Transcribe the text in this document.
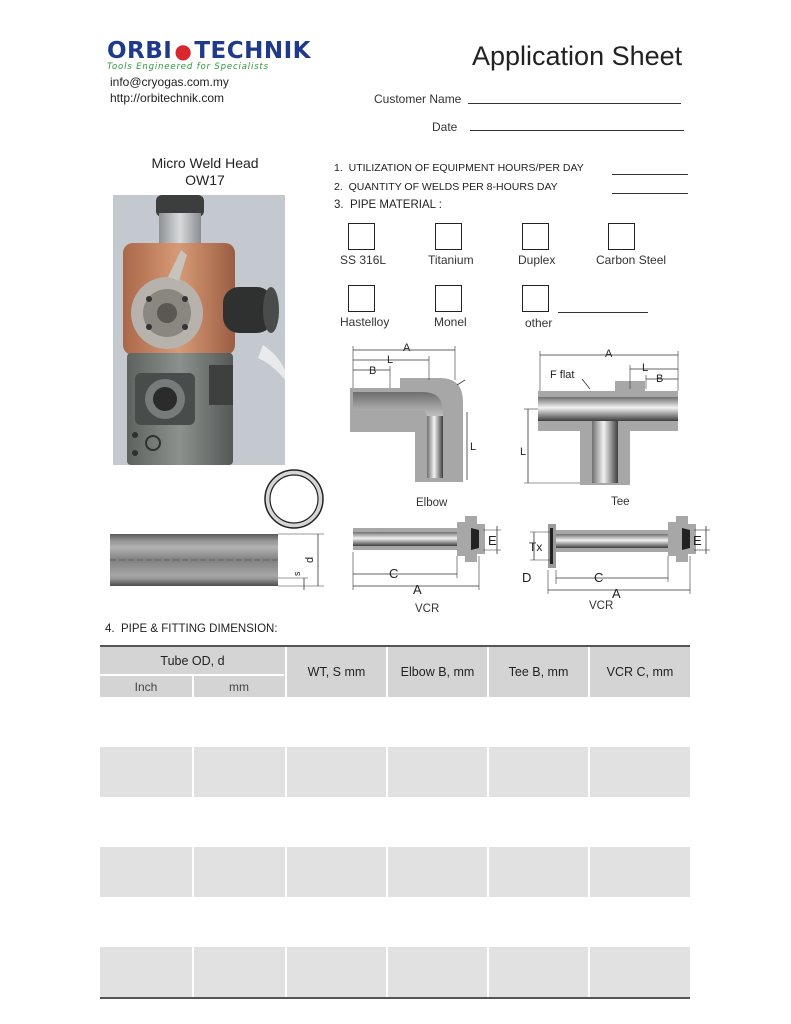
ORBI ●TECHNIK
Tools Engineered for Specialists
info@cryogas.com.my
http://orbitechnik.com
Application Sheet
Customer Name
Date
Micro Weld Head
OW17
1. UTILIZATION OF EQUIPMENT HOURS/PER DAY
2. QUANTITY OF WELDS PER 8-HOURS DAY
3. PIPE MATERIAL :
SS 316L	Titanium	Duplex	Carbon Steel
Hastelloy	Monel	other
A
L
B
L
Elbow
A
L
B
F flat
L
Tee
d
s	C
A
E
VCR
Tx
D	C
A
E
VCR
4. PIPE & FITTING DIMENSION:
Tube OD, d
Inch	mm
WT, S mm	Elbow B, mm	Tee B, mm	VCR C, mm
